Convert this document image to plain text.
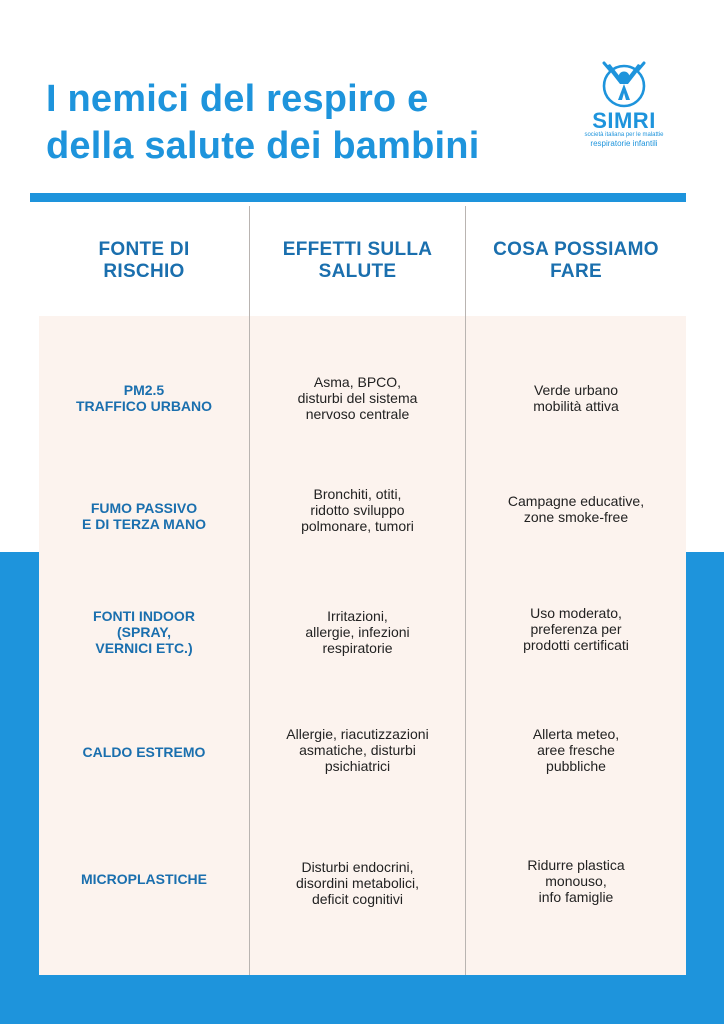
I nemici del respiro e
della salute dei bambini
SIMRI
società italiana per le malattie
respiratorie infantili
FONTE DI
RISCHIO
EFFETTI SULLA
SALUTE
COSA POSSIAMO
FARE
PM2.5
TRAFFICO URBANO
Asma, BPCO,
disturbi del sistema
nervoso centrale
Verde urbano
mobilità attiva
FUMO PASSIVO
E DI TERZA MANO
Bronchiti, otiti,
ridotto sviluppo
polmonare, tumori
Campagne educative,
zone smoke-free
FONTI INDOOR
(SPRAY,
VERNICI ETC.)
Irritazioni,
allergie, infezioni
respiratorie
Uso moderato,
preferenza per
prodotti certificati
CALDO ESTREMO
Allergie, riacutizzazioni
asmatiche, disturbi
psichiatrici
Allerta meteo,
aree fresche
pubbliche
MICROPLASTICHE
Disturbi endocrini,
disordini metabolici,
deficit cognitivi
Ridurre plastica
monouso,
info famiglie
